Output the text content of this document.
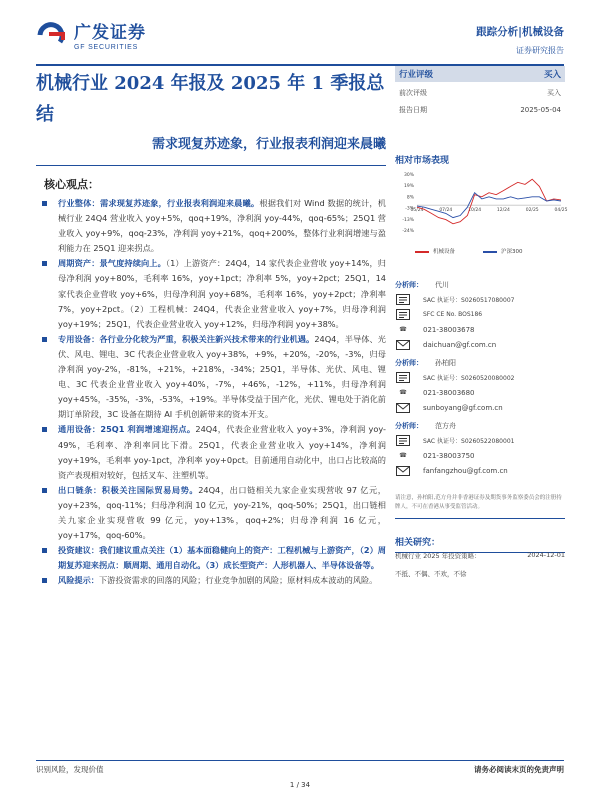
广发证券
GF SECURITIES
跟踪分析|机械设备
证券研究报告
机械行业 2024 年报及 2025 年 1 季报总结
需求现复苏迹象，行业报表利润迎来晨曦
核心观点：
行业整体：需求现复苏迹象，行业报表利润迎来晨曦。根据我们对 Wind 数据的统计，机械行业 24Q4 营业收入 yoy+5%，qoq+19%，净利润 yoy-44%，qoq-65%；25Q1 营业收入 yoy+9%，qoq-23%，净利润 yoy+21%，qoq+200%，整体行业利润增速与盈利能力在 25Q1 迎来拐点。
周期资产：景气度持续向上。（1）上游资产：24Q4，14 家代表企业营收 yoy+14%，归母净利润 yoy+80%，毛利率 16%，yoy+1pct；净利率 5%，yoy+2pct；25Q1，14 家代表企业营收 yoy+6%，归母净利润 yoy+68%，毛利率 16%，yoy+2pct；净利率 7%，yoy+2pct。（2）工程机械：24Q4，代表企业营业收入 yoy+7%，归母净利润 yoy+19%；25Q1，代表企业营业收入 yoy+12%，归母净利润 yoy+38%。
专用设备：各行业分化较为严重，积极关注新兴技术带来的行业机遇。24Q4，半导体、光伏、风电、锂电、3C 代表企业营业收入 yoy+38%，+9%，+20%，-20%，-3%，归母净利润 yoy-2%，-81%，+21%，+218%，-34%；25Q1，半导体、光伏、风电、锂电、3C 代表企业营业收入 yoy+40%，-7%，+46%，-12%，+11%，归母净利润 yoy+45%，-35%，-3%，-53%，+19%。半导体受益于国产化，光伏、锂电处于消化前期订单阶段，3C 设备在期待 AI 手机创新带来的资本开支。
通用设备：25Q1 利润增速迎拐点。24Q4，代表企业营业收入 yoy+3%，净利润 yoy-49%，毛利率、净利率同比下滑。25Q1，代表企业营业收入 yoy+14%，净利润 yoy+19%，毛利率 yoy-1pct，净利率 yoy+0pct。目前通用自动化中，出口占比较高的资产表现相对较好，包括叉车、注塑机等。
出口链条：积极关注国际贸易局势。24Q4，出口链相关九家企业实现营收 97 亿元，yoy+23%，qoq-11%；归母净利润 10 亿元，yoy-21%，qoq-50%；25Q1，出口链相关九家企业实现营收 99 亿元，yoy+13%，qoq+2%；归母净利润 16 亿元，yoy+17%，qoq-60%。
投资建议：我们建议重点关注（1）基本面稳健向上的资产：工程机械与上游资产，（2）周期复苏迎来拐点：顺周期、通用自动化。（3）成长型资产：人形机器人、半导体设备等。
风险提示：下游投资需求的回落的风险；行业竞争加剧的风险；原材料成本波动的风险。
行业评级	买入
前次评级	买入
报告日期	2025-05-04
相对市场表现
30%
19%
8%
-3%
-13%
-24%
05/24	07/24	10/24	12/24	02/25	04/25
机械设备	沪深300
分析师： 代川
SAC 执证号：S0260517080007
SFC CE No. BOS186
☎	021-38003678
daichuan@gf.com.cn
分析师： 孙柏阳
SAC 执证号：S0260520080002
☎	021-38003680
sunboyang@gf.com.cn
分析师： 范方舟
SAC 执证号：S0260522080001
☎	021-38003750
fanfangzhou@gf.com.cn
请注意，孙柏阳,范方舟并非香港证券及期货事务监察委员会的注册持牌人，不可在香港从事受监管活动。
相关研究：
机械行业 2025 年投资策略：	2024-12-01
不抵、不偶、不欢，不徐
识别风险，发现价值	请务必阅读末页的免责声明
1 / 34
